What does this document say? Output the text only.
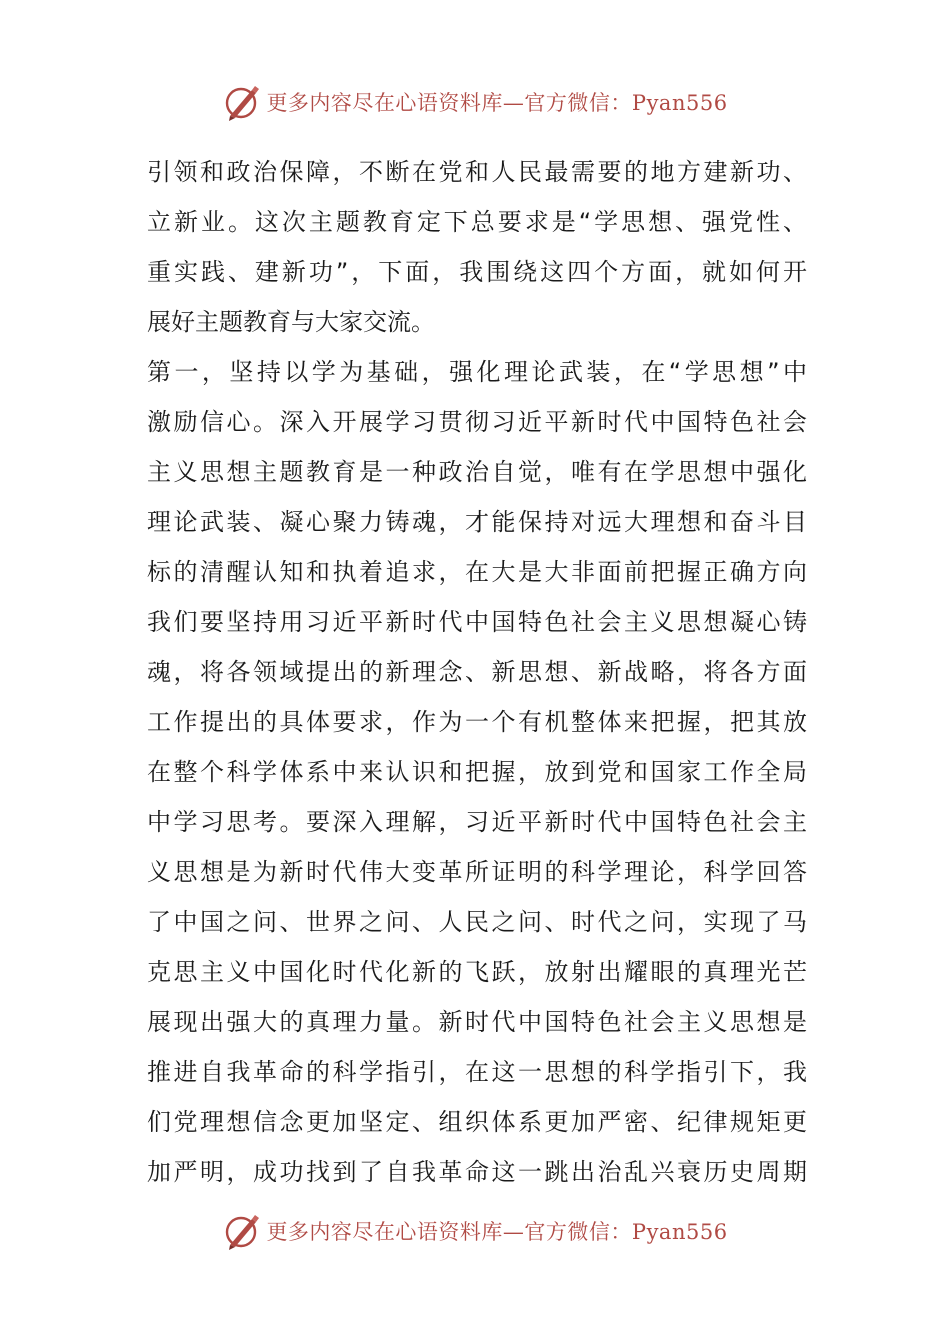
更多内容尽在心语资料库—官方微信：Pyan556
引领和政治保障，不断在党和人民最需要的地方建新功、
立新业。这次主题教育定下总要求是“学思想、强党性、
重实践、建新功”，下面，我围绕这四个方面，就如何开
展好主题教育与大家交流。
第一，坚持以学为基础，强化理论武装，在“学思想”中
激励信心。深入开展学习贯彻习近平新时代中国特色社会
主义思想主题教育是一种政治自觉，唯有在学思想中强化
理论武装、凝心聚力铸魂，才能保持对远大理想和奋斗目
标的清醒认知和执着追求，在大是大非面前把握正确方向
我们要坚持用习近平新时代中国特色社会主义思想凝心铸
魂，将各领域提出的新理念、新思想、新战略，将各方面
工作提出的具体要求，作为一个有机整体来把握，把其放
在整个科学体系中来认识和把握，放到党和国家工作全局
中学习思考。要深入理解，习近平新时代中国特色社会主
义思想是为新时代伟大变革所证明的科学理论，科学回答
了中国之问、世界之问、人民之问、时代之问，实现了马
克思主义中国化时代化新的飞跃，放射出耀眼的真理光芒
展现出强大的真理力量。新时代中国特色社会主义思想是
推进自我革命的科学指引，在这一思想的科学指引下，我
们党理想信念更加坚定、组织体系更加严密、纪律规矩更
加严明，成功找到了自我革命这一跳出治乱兴衰历史周期
更多内容尽在心语资料库—官方微信：Pyan556
